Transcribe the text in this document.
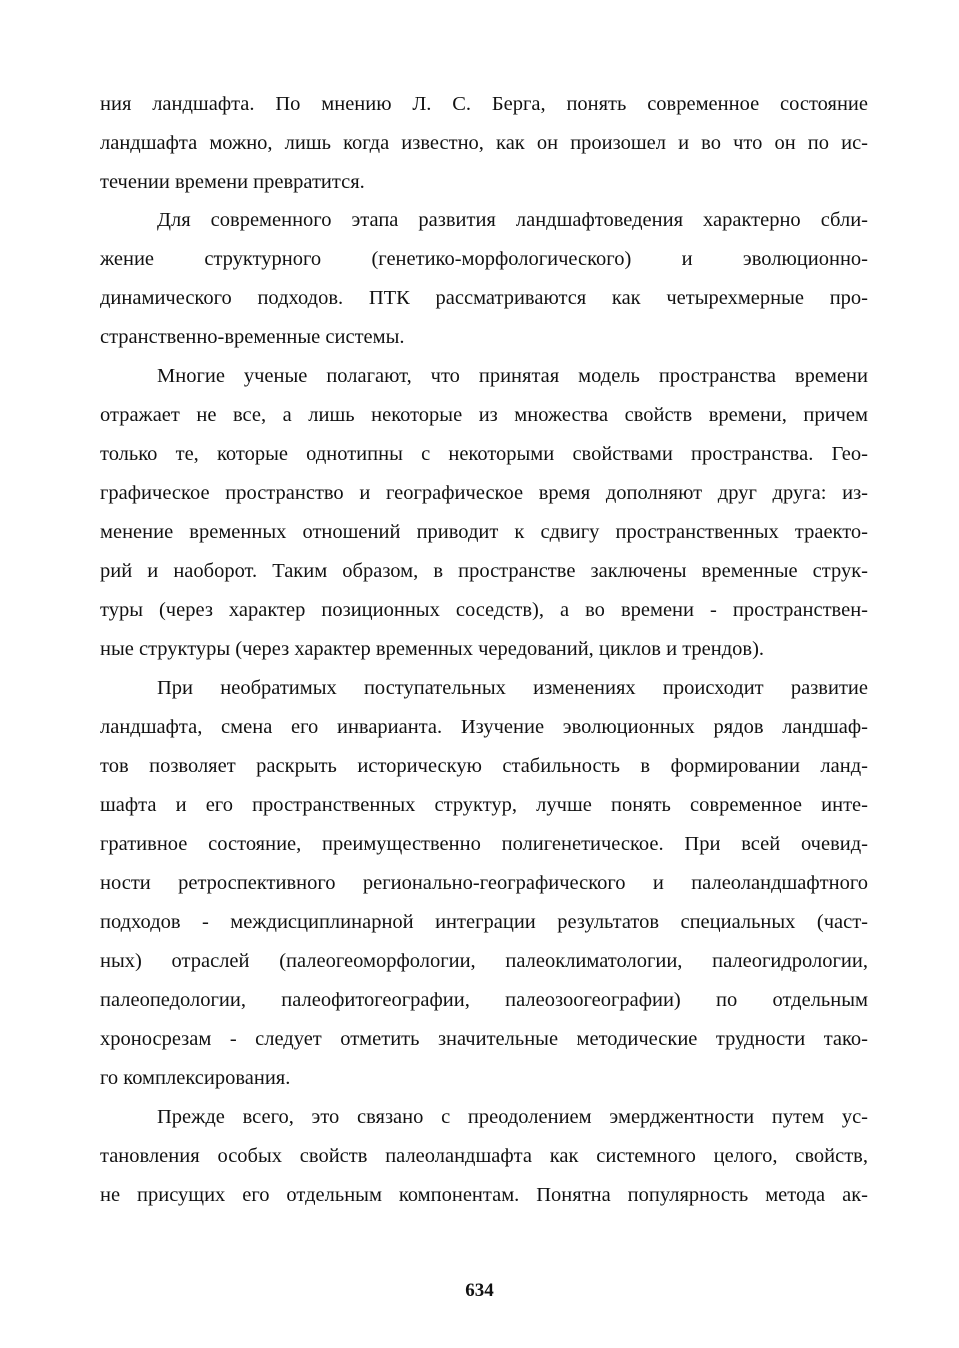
ния ландшафта. По мнению Л. С. Берга, понять современное состояние
ландшафта можно, лишь когда известно, как он произошел и во что он по ис-
течении времени превратится.
Для современного этапа развития ландшафтоведения характерно сбли-
жение структурного (генетико-морфологического) и эволюционно-
динамического подходов. ПТК рассматриваются как четырехмерные про-
странственно-временные системы.
Многие ученые полагают, что принятая модель пространства времени
отражает не все, а лишь некоторые из множества свойств времени, причем
только те, которые однотипны с некоторыми свойствами пространства. Гео-
графическое пространство и географическое время дополняют друг друга: из-
менение временных отношений приводит к сдвигу пространственных траекто-
рий и наоборот. Таким образом, в пространстве заключены временные струк-
туры (через характер позиционных соседств), а во времени - пространствен-
ные структуры (через характер временных чередований, циклов и трендов).
При необратимых поступательных изменениях происходит развитие
ландшафта, смена его инварианта. Изучение эволюционных рядов ландшаф-
тов позволяет раскрыть историческую стабильность в формировании ланд-
шафта и его пространственных структур, лучше понять современное инте-
гративное состояние, преимущественно полигенетическое. При всей очевид-
ности ретроспективного регионально-географического и палеоландшафтного
подходов - междисциплинарной интеграции результатов специальных (част-
ных) отраслей (палеогеоморфологии, палеоклиматологии, палеогидрологии,
палеопедологии, палеофитогеографии, палеозоогеографии) по отдельным
хроносрезам - следует отметить значительные методические трудности тако-
го комплексирования.
Прежде всего, это связано с преодолением эмерджентности путем ус-
тановления особых свойств палеоландшафта как системного целого, свойств,
не присущих его отдельным компонентам. Понятна популярность метода ак-
634
